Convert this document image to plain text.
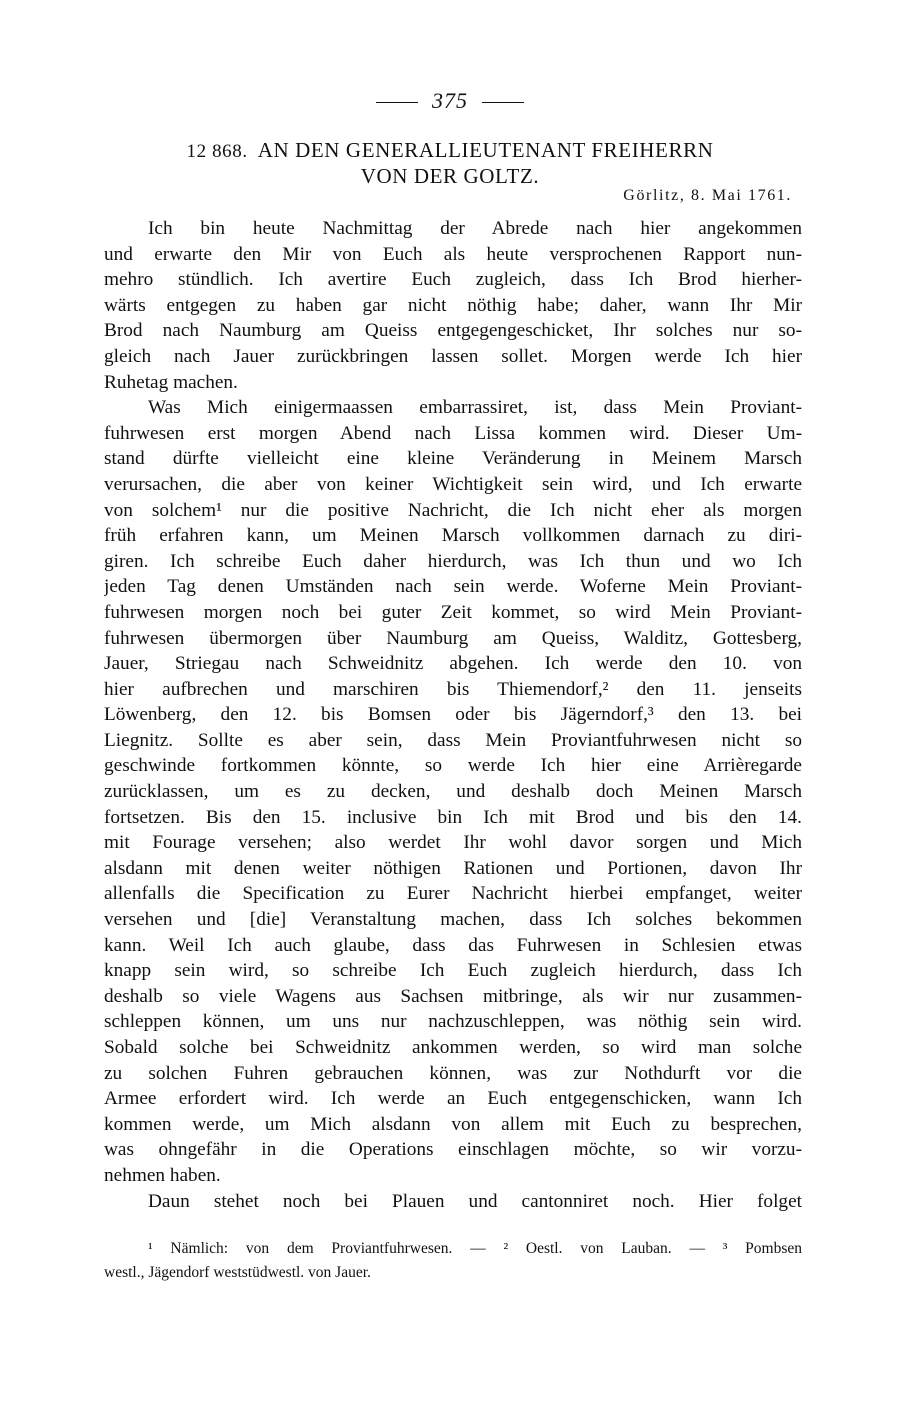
375
12 868. AN DEN GENERALLIEUTENANT FREIHERRN
VON DER GOLTZ.
Görlitz, 8. Mai 1761.
Ich bin heute Nachmittag der Abrede nach hier angekommen
und erwarte den Mir von Euch als heute versprochenen Rapport nun-
mehro stündlich. Ich avertire Euch zugleich, dass Ich Brod hierher-
wärts entgegen zu haben gar nicht nöthig habe; daher, wann Ihr Mir
Brod nach Naumburg am Queiss entgegengeschicket, Ihr solches nur so-
gleich nach Jauer zurückbringen lassen sollet. Morgen werde Ich hier
Ruhetag machen.
Was Mich einigermaassen embarrassiret, ist, dass Mein Proviant-
fuhrwesen erst morgen Abend nach Lissa kommen wird. Dieser Um-
stand dürfte vielleicht eine kleine Veränderung in Meinem Marsch
verursachen, die aber von keiner Wichtigkeit sein wird, und Ich erwarte
von solchem¹ nur die positive Nachricht, die Ich nicht eher als morgen
früh erfahren kann, um Meinen Marsch vollkommen darnach zu diri-
giren. Ich schreibe Euch daher hierdurch, was Ich thun und wo Ich
jeden Tag denen Umständen nach sein werde. Woferne Mein Proviant-
fuhrwesen morgen noch bei guter Zeit kommet, so wird Mein Proviant-
fuhrwesen übermorgen über Naumburg am Queiss, Walditz, Gottesberg,
Jauer, Striegau nach Schweidnitz abgehen. Ich werde den 10. von
hier aufbrechen und marschiren bis Thiemendorf,² den 11. jenseits
Löwenberg, den 12. bis Bomsen oder bis Jägerndorf,³ den 13. bei
Liegnitz. Sollte es aber sein, dass Mein Proviantfuhrwesen nicht so
geschwinde fortkommen könnte, so werde Ich hier eine Arrièregarde
zurücklassen, um es zu decken, und deshalb doch Meinen Marsch
fortsetzen. Bis den 15. inclusive bin Ich mit Brod und bis den 14.
mit Fourage versehen; also werdet Ihr wohl davor sorgen und Mich
alsdann mit denen weiter nöthigen Rationen und Portionen, davon Ihr
allenfalls die Specification zu Eurer Nachricht hierbei empfanget, weiter
versehen und [die] Veranstaltung machen, dass Ich solches bekommen
kann. Weil Ich auch glaube, dass das Fuhrwesen in Schlesien etwas
knapp sein wird, so schreibe Ich Euch zugleich hierdurch, dass Ich
deshalb so viele Wagens aus Sachsen mitbringe, als wir nur zusammen-
schleppen können, um uns nur nachzuschleppen, was nöthig sein wird.
Sobald solche bei Schweidnitz ankommen werden, so wird man solche
zu solchen Fuhren gebrauchen können, was zur Nothdurft vor die
Armee erfordert wird. Ich werde an Euch entgegenschicken, wann Ich
kommen werde, um Mich alsdann von allem mit Euch zu besprechen,
was ohngefähr in die Operations einschlagen möchte, so wir vorzu-
nehmen haben.
Daun stehet noch bei Plauen und cantonniret noch. Hier folget
¹ Nämlich: von dem Proviantfuhrwesen. — ² Oestl. von Lauban. — ³ Pombsen
westl., Jägendorf weststüdwestl. von Jauer.
